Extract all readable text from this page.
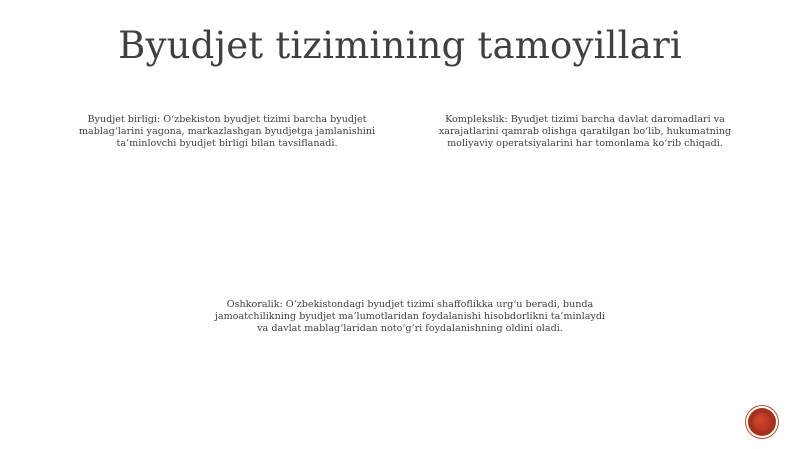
Byudjet tizimining tamoyillari

Byudjet birligi: O‘zbekiston byudjet tizimi barcha byudjet mablag‘larini yagona, markazlashgan byudjetga jamlanishini ta’minlovchi byudjet birligi bilan tavsiflanadi.

Komplekslik: Byudjet tizimi barcha davlat daromadlari va xarajatlarini qamrab olishga qaratilgan bo‘lib, hukumatning moliyaviy operatsiyalarini har tomonlama ko‘rib chiqadi.

Oshkoralik: O‘zbekistondagi byudjet tizimi shaffoflikka urg‘u beradi, bunda jamoatchilikning byudjet ma’lumotlaridan foydalanishi hisobdorlikni ta’minlaydi va davlat mablag‘laridan noto‘g‘ri foydalanishning oldini oladi.
